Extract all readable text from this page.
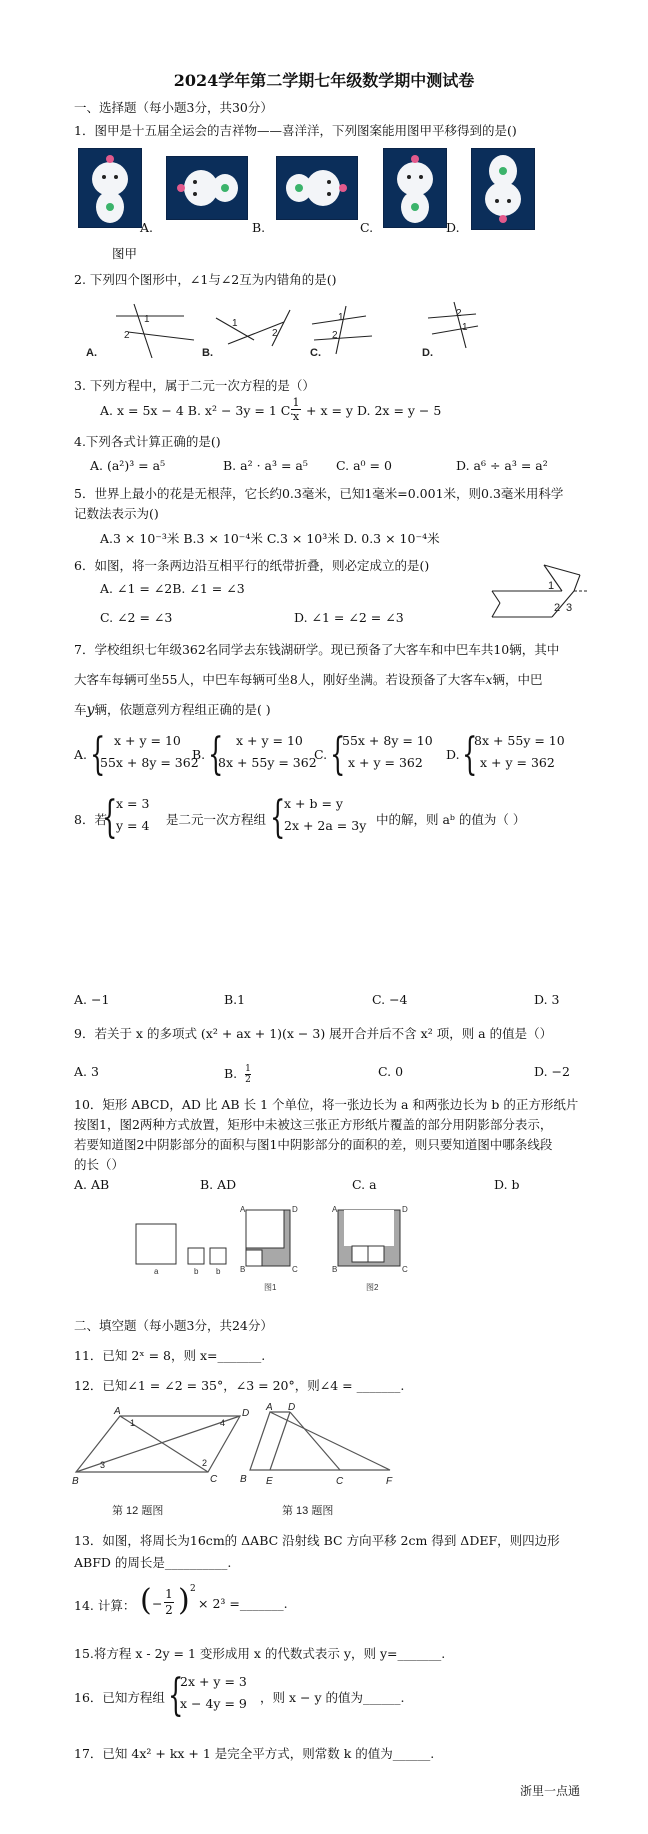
2024学年第二学期七年级数学期中测试卷
一、选择题（每小题3分，共30分）
1．图甲是十五届全运会的吉祥物——喜洋洋，下列图案能用图甲平移得到的是()
A.	B.	C.	D.
图甲
2. 下列四个图形中，∠1与∠2互为内错角的是()
1
2
1
2
1
2
2
1
A.	B.	C.	D.
3. 下列方程中，属于二元一次方程的是（）
A. x = 5x − 4 B. x² − 3y = 1 C.
$\frac{1}{x} + x = y$ D. 2x = y − 5
4.下列各式计算正确的是()
A. (a²)³ = a⁵	B. a² · a³ = a⁵ C. a⁰ = 0	D. a⁶ ÷ a³ = a²
5．世界上最小的花是无根萍，它长约0.3毫米，已知1毫米=0.001米，则0.3毫米用科学
记数法表示为()
A.3 × 10⁻³米 B.3 × 10⁻⁴米 C.3 × 10³米 D. 0.3 × 10⁻⁴米
6．如图，将一条两边沿互相平行的纸带折叠，则必定成立的是()
A. ∠1 = ∠2B. ∠1 = ∠3
C. ∠2 = ∠3	D. ∠1 = ∠2 = ∠3
1
2 3
7．学校组织七年级362名同学去东钱湖研学。现已预备了大客车和中巴车共10辆，其中
大客车每辆可坐55人，中巴车每辆可坐8人，刚好坐满。若设预备了大客车x辆，中巴
车y辆，依题意列方程组正确的是( )
A. { x + y = 10
55x + 8y = 362
B. { x + y = 10
8x + 55y = 362
C. {
55x + 8y = 10
x + y = 362
D. {
8x + 55y = 10
x + y = 362
8．若
{
x = 3
y = 4 是二元一次方程组 {
x + b = y
2x + 2a = 3y 中的解，则 aᵇ 的值为（ ）
A. −1	B.1	C. −4	D. 3
9．若关于 x 的多项式 (x² + ax + 1)(x − 3) 展开合并后不含 x² 项，则 a 的值是（）
A. 3	B. $\frac{1}{2}$	C. 0	D. −2
10．矩形 ABCD，AD 比 AB 长 1 个单位，将一张边长为 a 和两张边长为 b 的正方形纸片
按图1，图2两种方式放置，矩形中未被这三张正方形纸片覆盖的部分用阴影部分表示，
若要知道图2中阴影部分的面积与图1中阴影部分的面积的差，则只要知道图中哪条线段
的长（）
A. AB	B. AD	C. a	D. b
a	b b
A
B	C
D
图1
A
B	C
D
图2
二、填空题（每小题3分，共24分）
11．已知 2ˣ = 8，则 x=_______.
12．已知∠1 = ∠2 = 35°，∠3 = 20°，则∠4 = _______.
A	D
B	C
A D
B E	C	F
1
2
3
4
第 12 题图	第 13 题图
13．如图，将周长为16cm的 ΔABC 沿射线 BC 方向平移 2cm 得到 ΔDEF，则四边形
ABFD 的周长是__________.
14. 计算： ( − $\frac{1}{2}$ ) 2
× 2³ =_______.
15.将方程 x - 2y = 1 变形成用 x 的代数式表示 y，则 y=_______.
16．已知方程组 {
2x + y = 3
x − 4y = 9 ，则 x − y 的值为______.
17．已知 4x² + kx + 1 是完全平方式，则常数 k 的值为______.
浙里一点通
